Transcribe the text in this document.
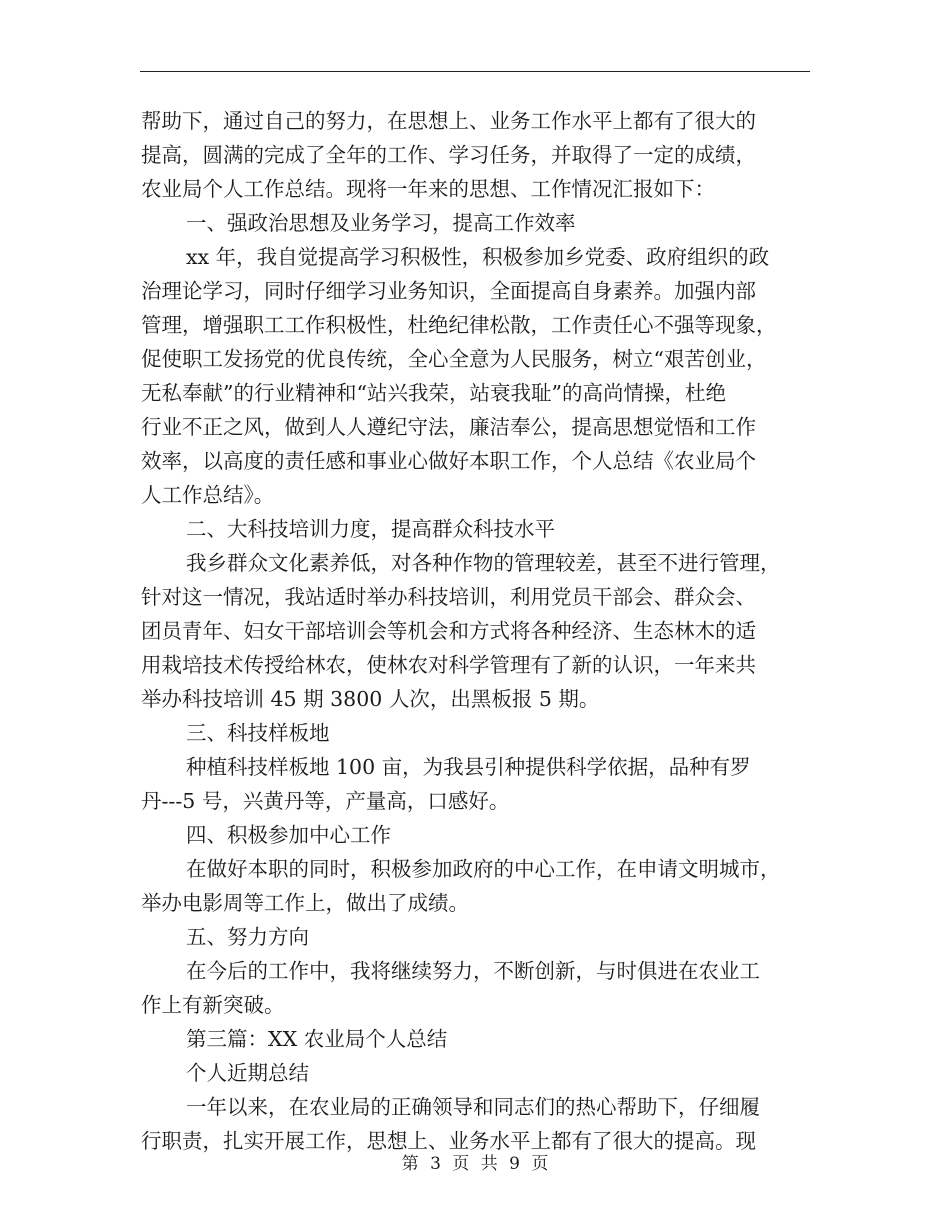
帮助下，通过自己的努力，在思想上、业务工作水平上都有了很大的
提高，圆满的完成了全年的工作、学习任务，并取得了一定的成绩，
农业局个人工作总结。现将一年来的思想、工作情况汇报如下：
一、强政治思想及业务学习，提高工作效率
xx 年，我自觉提高学习积极性，积极参加乡党委、政府组织的政
治理论学习，同时仔细学习业务知识，全面提高自身素养。加强内部
管理，增强职工工作积极性，杜绝纪律松散，工作责任心不强等现象，
促使职工发扬党的优良传统，全心全意为人民服务，树立“艰苦创业，
无私奉献”的行业精神和“站兴我荣，站衰我耻”的高尚情操，杜绝
行业不正之风，做到人人遵纪守法，廉洁奉公，提高思想觉悟和工作
效率，以高度的责任感和事业心做好本职工作，个人总结《农业局个
人工作总结》。
二、大科技培训力度，提高群众科技水平
我乡群众文化素养低，对各种作物的管理较差，甚至不进行管理，
针对这一情况，我站适时举办科技培训，利用党员干部会、群众会、
团员青年、妇女干部培训会等机会和方式将各种经济、生态林木的适
用栽培技术传授给林农，使林农对科学管理有了新的认识，一年来共
举办科技培训 45 期 3800 人次，出黑板报 5 期。
三、科技样板地
种植科技样板地 100 亩，为我县引种提供科学依据，品种有罗
丹---5 号，兴黄丹等，产量高，口感好。
四、积极参加中心工作
在做好本职的同时，积极参加政府的中心工作，在申请文明城市，
举办电影周等工作上，做出了成绩。
五、努力方向
在今后的工作中，我将继续努力，不断创新，与时俱进在农业工
作上有新突破。
第三篇：XX 农业局个人总结
个人近期总结
一年以来，在农业局的正确领导和同志们的热心帮助下，仔细履
行职责，扎实开展工作，思想上、业务水平上都有了很大的提高。现
第 3 页 共 9 页
